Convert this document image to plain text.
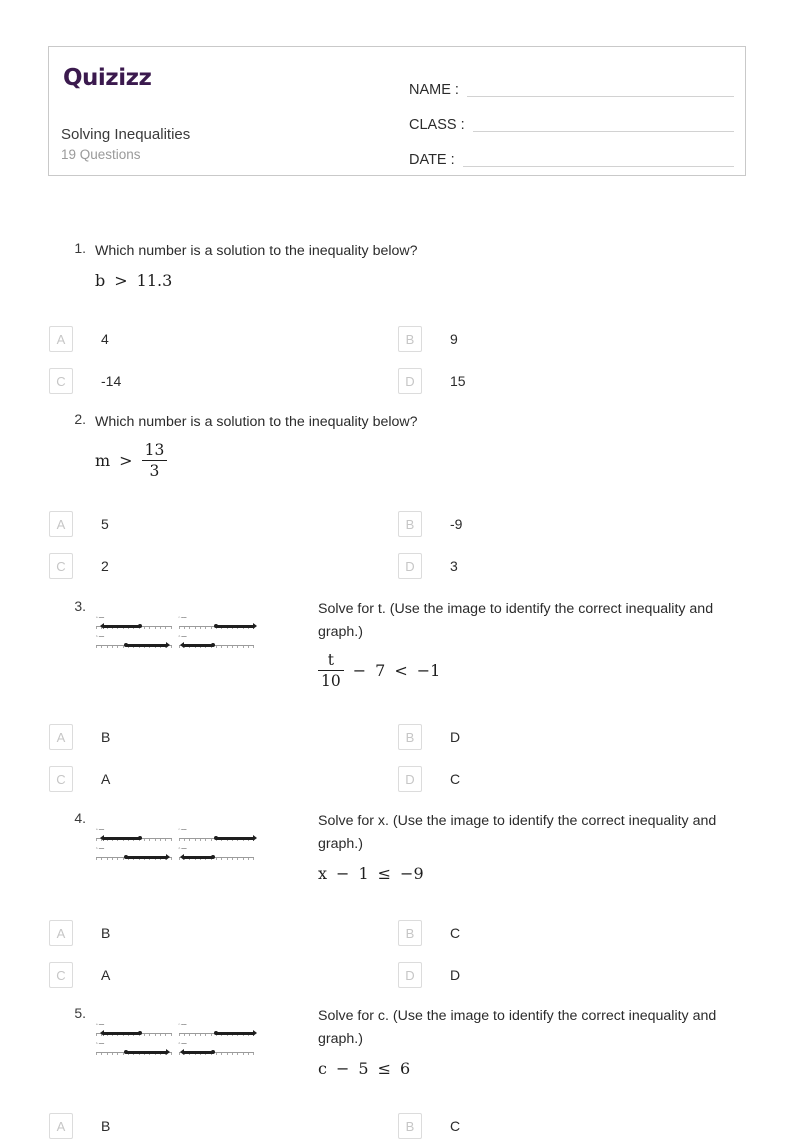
Quizizz
Solving Inequalities
19 Questions
NAME :
CLASS :
DATE :
1. Which number is a solution to the inequality below?
b > 11.3
A	4	B	9
C	-14	D	15
2. Which number is a solution to the inequality below?
$m > \frac{13}{3}$
A	5	B	-9
C	2	D	3
3.
a. ▬▬	c. ▬▬
b. ▬▬	d. ▬▬
Solve for t. (Use the image to identify the correct inequality and graph.)
$\frac{t}{10} - 7 < -1$
A	B	B	D
C	A	D	C
4.
a. ▬▬	c. ▬▬
b. ▬▬	d. ▬▬
Solve for x. (Use the image to identify the correct inequality and graph.)
x − 1 ≤ −9
A	B	B	C
C	A	D	D
5.
a. ▬▬	c. ▬▬
b. ▬▬	d. ▬▬
Solve for c. (Use the image to identify the correct inequality and graph.)
c − 5 ≤ 6
A	B	B	C
